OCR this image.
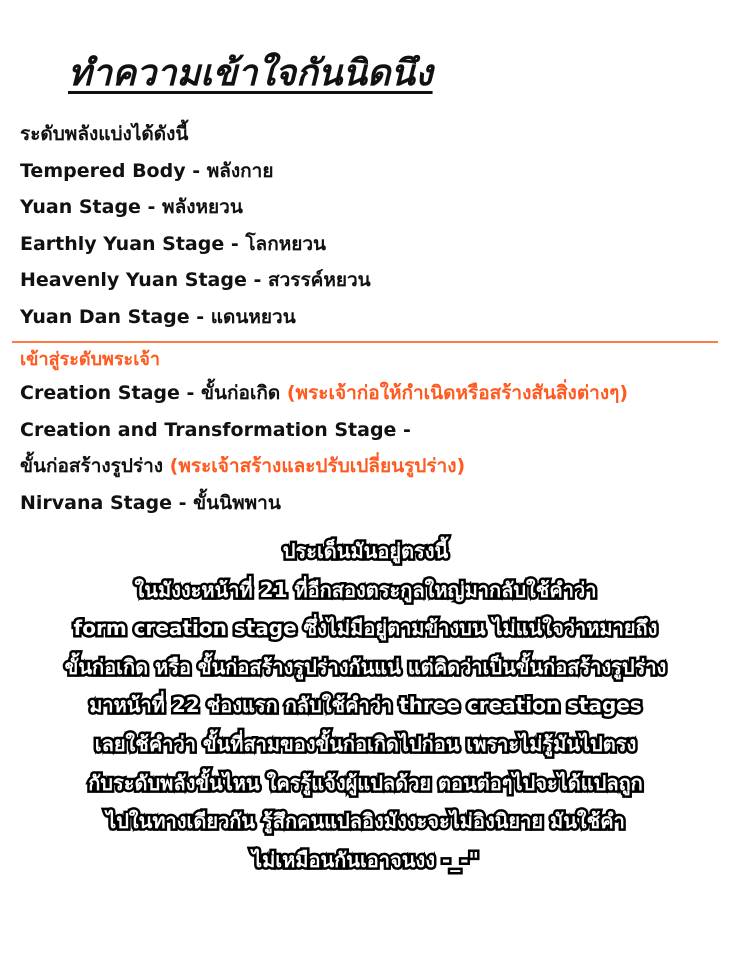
ทำความเข้าใจกันนิดนึง
ระดับพลังแบ่งได้ดังนี้
Tempered Body - พลังกาย
Yuan Stage - พลังหยวน
Earthly Yuan Stage - โลกหยวน
Heavenly Yuan Stage - สวรรค์หยวน
Yuan Dan Stage - แดนหยวน
เข้าสู่ระดับพระเจ้า
Creation Stage - ขั้นก่อเกิด (พระเจ้าก่อให้กำเนิดหรือสร้างสันสิ่งต่างๆ)
Creation and Transformation Stage -
ขั้นก่อสร้างรูปร่าง (พระเจ้าสร้างและปรับเปลี่ยนรูปร่าง)
Nirvana Stage - ขั้นนิพพาน
ประเด็นมันอยู่ตรงนี้
ในมังงะหน้าที่ 21 ที่อีกสองตระกูลใหญ่มากลับใช้คำว่า
form creation stage ซึ่งไม่มีอยู่ตามข้างบน ไม่แน่ใจว่าหมายถึง
ขั้นก่อเกิด หรือ ขั้นก่อสร้างรูปร่างกันแน่ แต่คิดว่าเป็นขั้นก่อสร้างรูปร่าง
มาหน้าที่ 22 ช่องแรก กลับใช้คำว่า three creation stages
เลยใช้คำว่า ขั้นที่สามของขั้นก่อเกิดไปก่อน เพราะไม่รู้มันไปตรง
กับระดับพลังขั้นไหน ใครรู้แจ้งผู้แปลด้วย ตอนต่อๆไปจะได้แปลถูก
ไปในทางเดียวกัน รู้สึกคนแปลอิงมังงะจะไม่อิงนิยาย มันใช้คำ
ไม่เหมือนกันเอาจนงง -_-"
